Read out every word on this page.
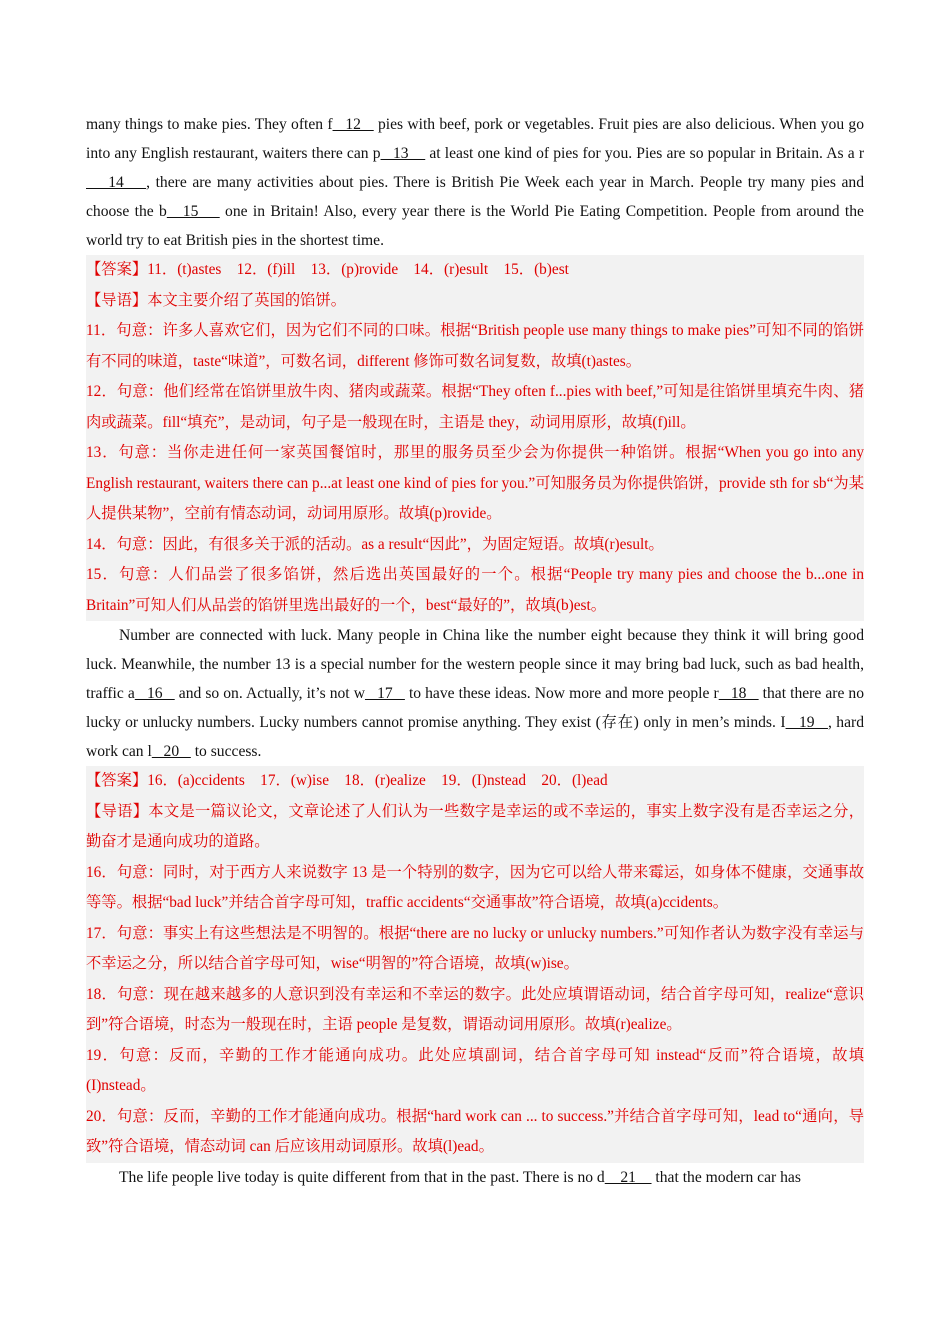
many things to make pies. They often f   12    pies with beef, pork or vegetables. Fruit pies are also delicious. When you go into any English restaurant, waiters there can p   13     at least one kind of pies for you. Pies are so popular in Britain. As a r    14    , there are many activities about pies. There is British Pie Week each year in March. People try many pies and choose the b   15     one in Britain! Also, every year there is the World Pie Eating Competition. People from around the world try to eat British pies in the shortest time.

【答案】11．(t)astes　12．(f)ill　13．(p)rovide　14．(r)esult　15．(b)est

【导语】本文主要介绍了英国的馅饼。

11．句意：许多人喜欢它们，因为它们不同的口味。根据“British people use many things to make pies”可知不同的馅饼有不同的味道，taste“味道”，可数名词，different 修饰可数名词复数，故填(t)astes。

12．句意：他们经常在馅饼里放牛肉、猪肉或蔬菜。根据“They often f...pies with beef,”可知是往馅饼里填充牛肉、猪肉或蔬菜。fill“填充”，是动词，句子是一般现在时，主语是 they，动词用原形，故填(f)ill。

13．句意：当你走进任何一家英国餐馆时，那里的服务员至少会为你提供一种馅饼。根据“When you go into any English restaurant, waiters there can p...at least one kind of pies for you.”可知服务员为你提供馅饼，provide sth for sb“为某人提供某物”，空前有情态动词，动词用原形。故填(p)rovide。

14．句意：因此，有很多关于派的活动。as a result“因此”，为固定短语。故填(r)esult。

15．句意：人们品尝了很多馅饼，然后选出英国最好的一个。根据“People try many pies and choose the b...one in Britain”可知人们从品尝的馅饼里选出最好的一个，best“最好的”，故填(b)est。

Number are connected with luck. Many people in China like the number eight because they think it will bring good luck. Meanwhile, the number 13 is a special number for the western people since it may bring bad luck, such as bad health, traffic a   16    and so on. Actually, it’s not w   17    to have these ideas. Now more and more people r   18    that there are no lucky or unlucky numbers. Lucky numbers cannot promise anything. They exist (存在) only in men’s minds. I   19   , hard work can l   20    to success.

【答案】16．(a)ccidents　17．(w)ise　18．(r)ealize　19．(I)nstead　20．(l)ead

【导语】本文是一篇议论文，文章论述了人们认为一些数字是幸运的或不幸运的，事实上数字没有是否幸运之分，勤奋才是通向成功的道路。

16．句意：同时，对于西方人来说数字 13 是一个特别的数字，因为它可以给人带来霉运，如身体不健康，交通事故等等。根据“bad luck”并结合首字母可知，traffic accidents“交通事故”符合语境，故填(a)ccidents。

17．句意：事实上有这些想法是不明智的。根据“there are no lucky or unlucky numbers.”可知作者认为数字没有幸运与不幸运之分，所以结合首字母可知，wise“明智的”符合语境，故填(w)ise。

18．句意：现在越来越多的人意识到没有幸运和不幸运的数字。此处应填谓语动词，结合首字母可知，realize“意识到”符合语境，时态为一般现在时，主语 people 是复数，谓语动词用原形。故填(r)ealize。

19．句意：反而，辛勤的工作才能通向成功。此处应填副词，结合首字母可知 instead“反而”符合语境，故填(I)nstead。

20．句意：反而，辛勤的工作才能通向成功。根据“hard work can ... to success.”并结合首字母可知，lead to“通向，导致”符合语境，情态动词 can 后应该用动词原形。故填(l)ead。

The life people live today is quite different from that in the past. There is no d    21     that the modern car has
